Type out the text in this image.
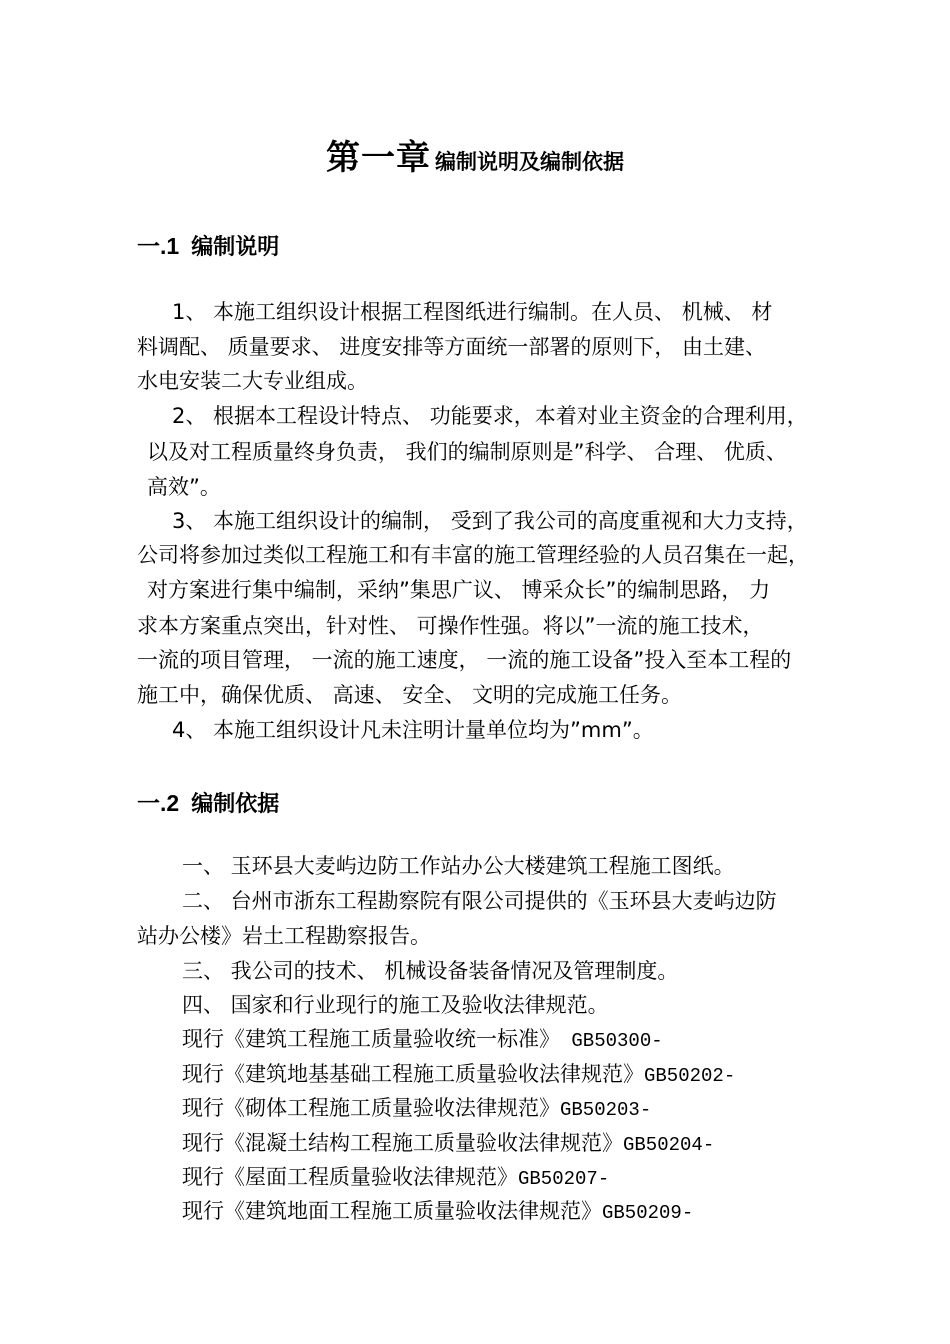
第一章 编制说明及编制依据
一.1 编制说明
1、 本施工组织设计根据工程图纸进行编制。在人员、 机械、 材
料调配、 质量要求、 进度安排等方面统一部署的原则下， 由土建、
水电安装二大专业组成。
2、 根据本工程设计特点、 功能要求，本着对业主资金的合理利用，
以及对工程质量终身负责， 我们的编制原则是”科学、 合理、 优质、
高效”。
3、 本施工组织设计的编制， 受到了我公司的高度重视和大力支持，
公司将参加过类似工程施工和有丰富的施工管理经验的人员召集在一起，
对方案进行集中编制，采纳”集思广议、 博采众长”的编制思路， 力
求本方案重点突出，针对性、 可操作性强。将以”一流的施工技术，
一流的项目管理， 一流的施工速度， 一流的施工设备”投入至本工程的
施工中，确保优质、 高速、 安全、 文明的完成施工任务。
4、 本施工组织设计凡未注明计量单位均为”mm”。
一.2 编制依据
一、 玉环县大麦屿边防工作站办公大楼建筑工程施工图纸。
二、 台州市浙东工程勘察院有限公司提供的《玉环县大麦屿边防
站办公楼》岩土工程勘察报告。
三、 我公司的技术、 机械设备装备情况及管理制度。
四、 国家和行业现行的施工及验收法律规范。
现行《建筑工程施工质量验收统一标准》 GB50300-
现行《建筑地基基础工程施工质量验收法律规范》GB50202-
现行《砌体工程施工质量验收法律规范》GB50203-
现行《混凝土结构工程施工质量验收法律规范》GB50204-
现行《屋面工程质量验收法律规范》GB50207-
现行《建筑地面工程施工质量验收法律规范》GB50209-
